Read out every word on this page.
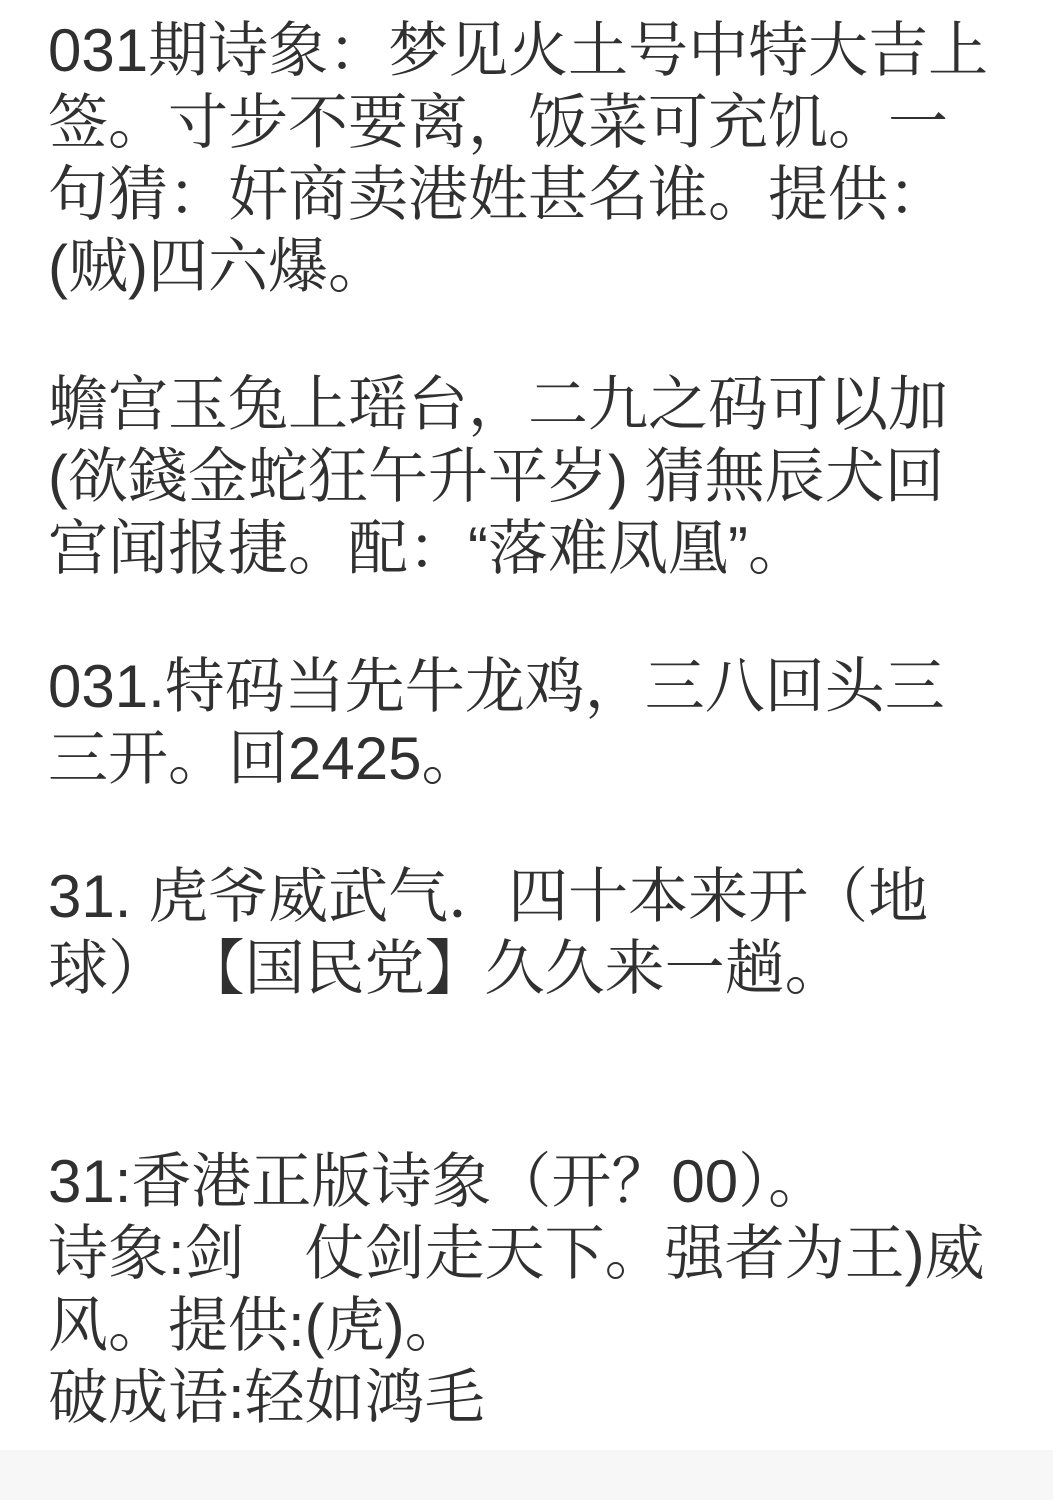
031期诗象：梦见火土号中特大吉上签。寸步不要离，饭菜可充饥。一句猜：奸商卖港姓甚名谁。提供：(贼)四六爆。

蟾宫玉兔上瑶台，二九之码可以加(欲錢金蛇狂午升平岁) 猜無辰犬回宫闻报捷。配：“落难凤凰”。

031.特码当先牛龙鸡，三八回头三三开。回2425。

31. 虎爷威武气．四十本来开（地球） 【国民党】久久来一趟。

31:香港正版诗象（开？00）。
诗象:剑　仗剑走天下。强者为王)威风。提供:(虎)。
破成语:轻如鸿毛
